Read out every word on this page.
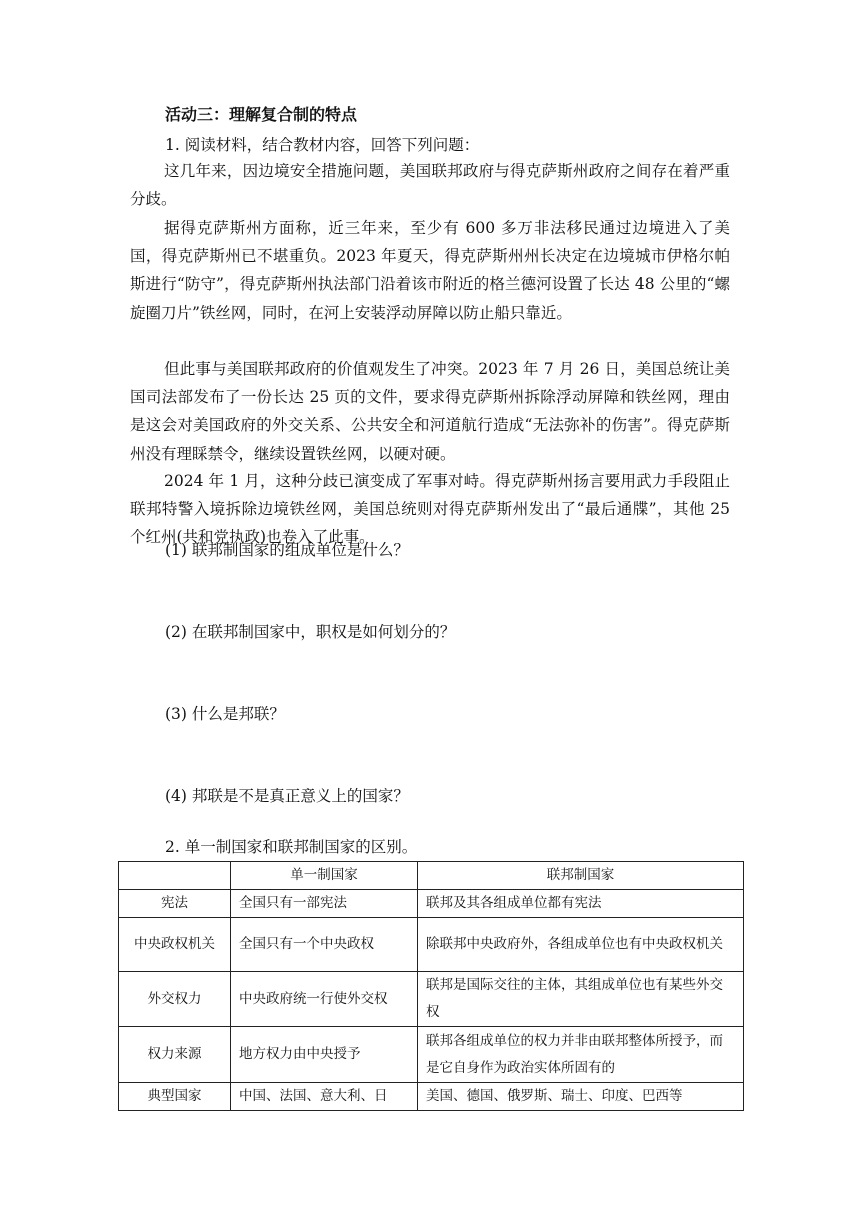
活动三：理解复合制的特点
1. 阅读材料，结合教材内容，回答下列问题：
这几年来，因边境安全措施问题，美国联邦政府与得克萨斯州政府之间存在着严重分歧。
据得克萨斯州方面称，近三年来，至少有 600 多万非法移民通过边境进入了美国，得克萨斯州已不堪重负。2023 年夏天，得克萨斯州州长决定在边境城市伊格尔帕斯进行“防守”，得克萨斯州执法部门沿着该市附近的格兰德河设置了长达 48 公里的“螺旋圈刀片”铁丝网，同时，在河上安装浮动屏障以防止船只靠近。
但此事与美国联邦政府的价值观发生了冲突。2023 年 7 月 26 日，美国总统让美国司法部发布了一份长达 25 页的文件，要求得克萨斯州拆除浮动屏障和铁丝网，理由是这会对美国政府的外交关系、公共安全和河道航行造成“无法弥补的伤害”。得克萨斯州没有理睬禁令，继续设置铁丝网，以硬对硬。
2024 年 1 月，这种分歧已演变成了军事对峙。得克萨斯州扬言要用武力手段阻止联邦特警入境拆除边境铁丝网，美国总统则对得克萨斯州发出了“最后通牒”，其他 25 个红州(共和党执政)也卷入了此事。
(1) 联邦制国家的组成单位是什么？
(2) 在联邦制国家中，职权是如何划分的？
(3) 什么是邦联？
(4) 邦联是不是真正意义上的国家？
2. 单一制国家和联邦制国家的区别。
	单一制国家	联邦制国家
宪法	全国只有一部宪法	联邦及其各组成单位都有宪法
中央政权机关	全国只有一个中央政权	除联邦中央政府外，各组成单位也有中央政权机关
外交权力	中央政府统一行使外交权	联邦是国际交往的主体，其组成单位也有某些外交权
权力来源	地方权力由中央授予	联邦各组成单位的权力并非由联邦整体所授予，而是它自身作为政治实体所固有的
典型国家	中国、法国、意大利、日	美国、德国、俄罗斯、瑞士、印度、巴西等
